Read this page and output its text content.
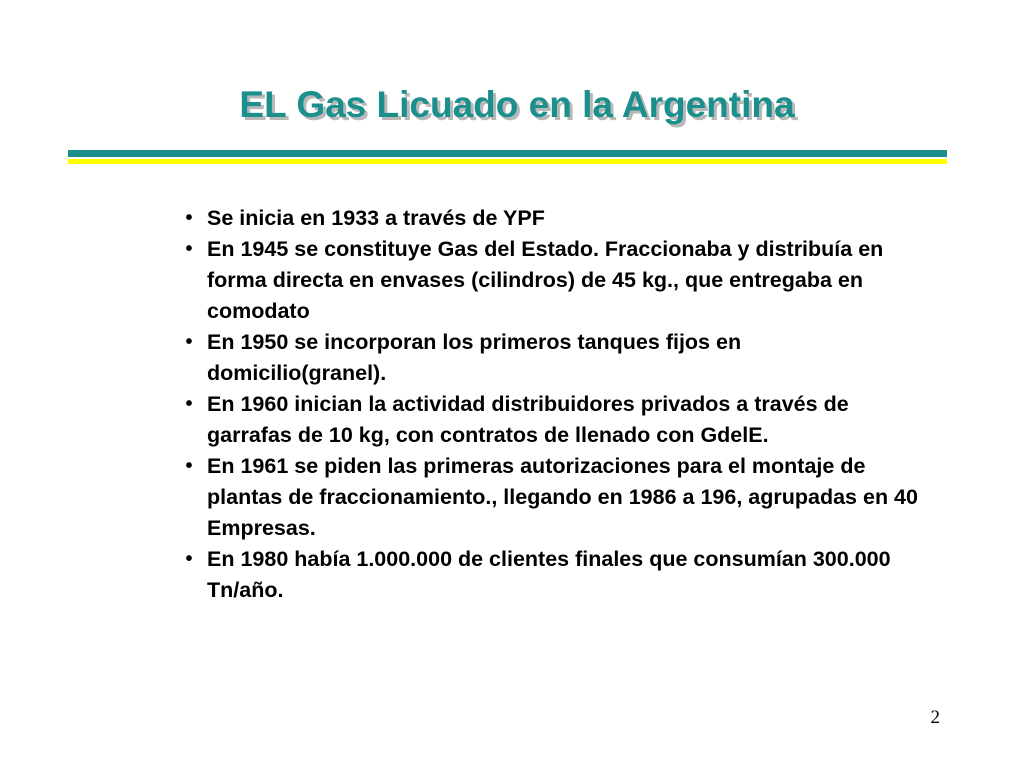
EL Gas Licuado en la Argentina
• Se inicia en 1933 a través de YPF
• En 1945 se constituye Gas del Estado. Fraccionaba y distribuía en forma directa en envases (cilindros) de 45 kg., que entregaba en comodato
• En 1950 se incorporan los primeros tanques fijos en domicilio(granel).
• En 1960 inician la actividad distribuidores privados a través de garrafas de 10 kg, con contratos de llenado con GdelE.
• En 1961 se piden las primeras autorizaciones para el montaje de plantas de fraccionamiento., llegando en 1986 a 196, agrupadas en 40 Empresas.
• En 1980 había 1.000.000 de clientes finales que consumían 300.000 Tn/año.
2
